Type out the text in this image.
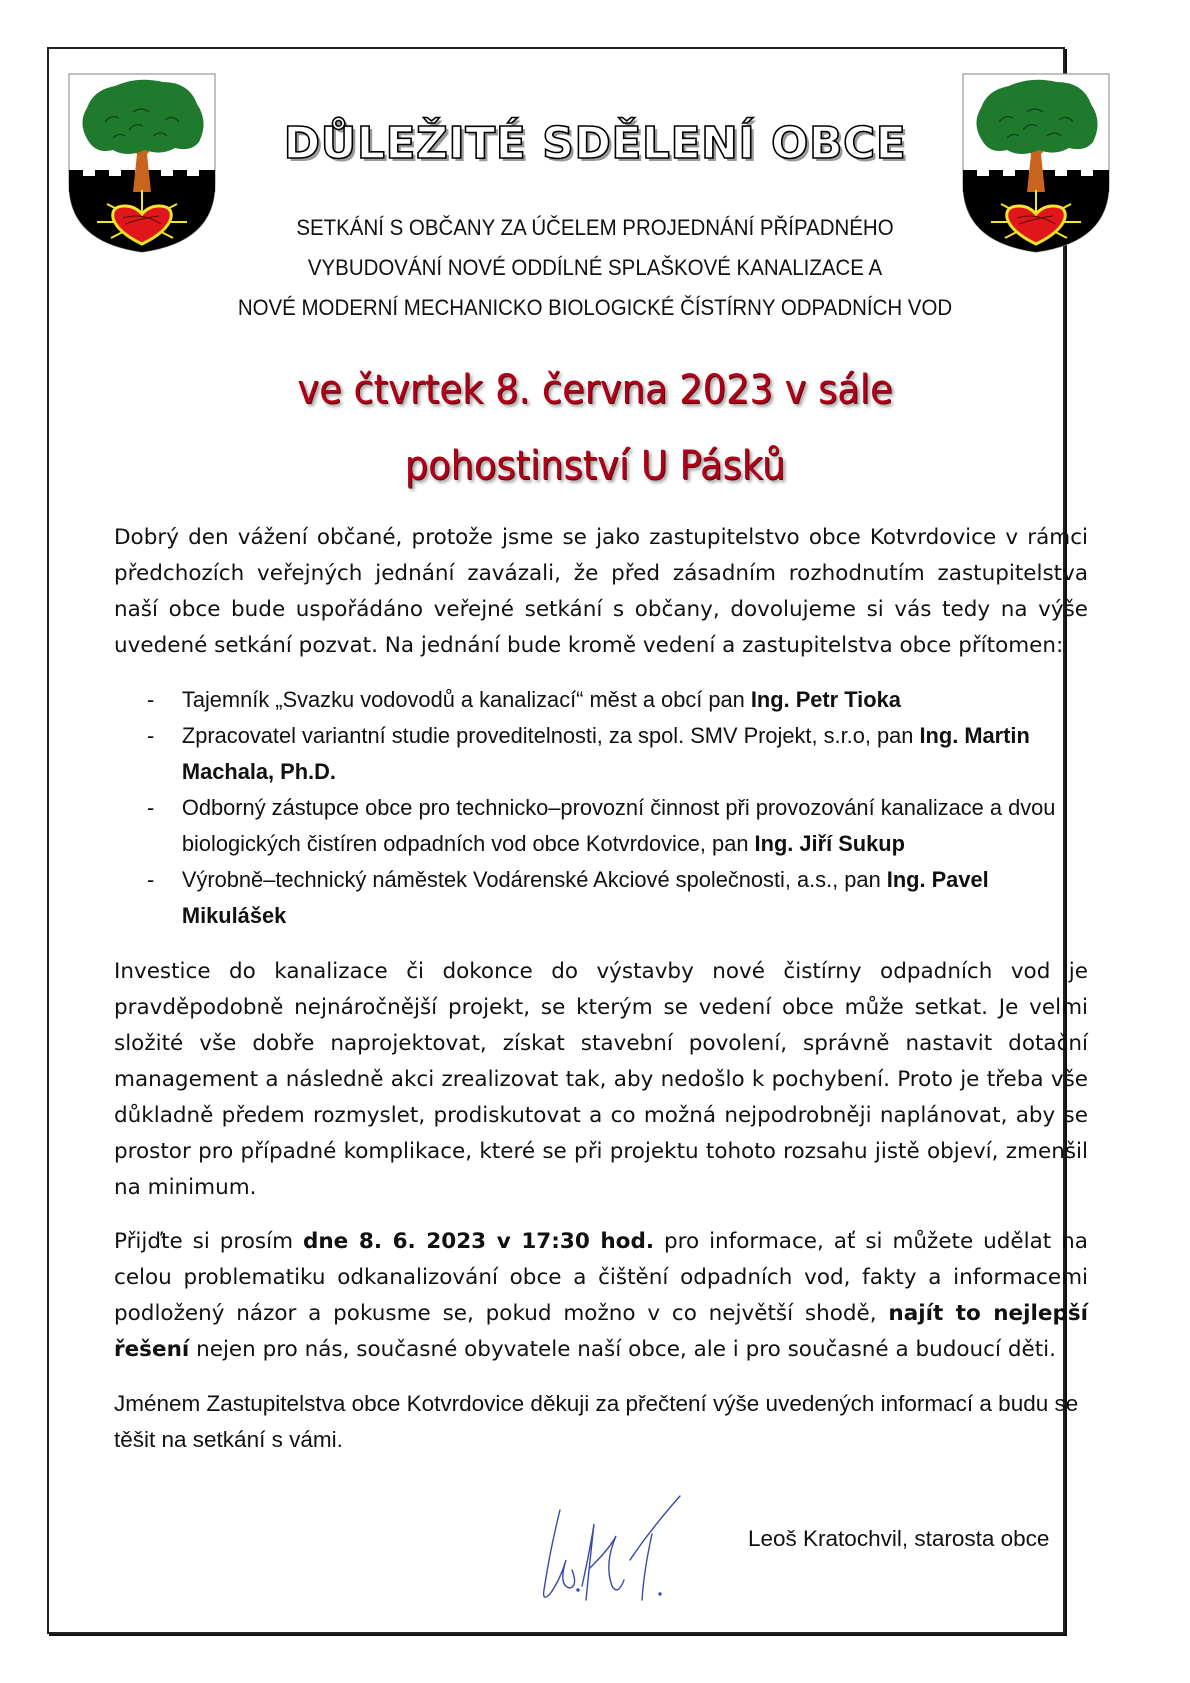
DŮLEŽITÉ SDĚLENÍ OBCE
SETKÁNÍ S OBČANY ZA ÚČELEM PROJEDNÁNÍ PŘÍPADNÉHO
VYBUDOVÁNÍ NOVÉ ODDÍLNÉ SPLAŠKOVÉ KANALIZACE A
NOVÉ MODERNÍ MECHANICKO BIOLOGICKÉ ČÍSTÍRNY ODPADNÍCH VOD
ve čtvrtek 8. června 2023 v sále
pohostinství U Pásků

Dobrý den vážení občané, protože jsme se jako zastupitelstvo obce Kotvrdovice v rámci předchozích veřejných jednání zavázali, že před zásadním rozhodnutím zastupitelstva naší obce bude uspořádáno veřejné setkání s občany, dovolujeme si vás tedy na výše uvedené setkání pozvat. Na jednání bude kromě vedení a zastupitelstva obce přítomen:

- Tajemník „Svazku vodovodů a kanalizací“ měst a obcí pan Ing. Petr Tioka
- Zpracovatel variantní studie proveditelnosti, za spol. SMV Projekt, s.r.o, pan Ing. Martin Machala, Ph.D.
- Odborný zástupce obce pro technicko–provozní činnost při provozování kanalizace a dvou biologických čistíren odpadních vod obce Kotvrdovice, pan Ing. Jiří Sukup
- Výrobně–technický náměstek Vodárenské Akciové společnosti, a.s., pan Ing. Pavel Mikulášek

Investice do kanalizace či dokonce do výstavby nové čistírny odpadních vod je pravděpodobně nejnáročnější projekt, se kterým se vedení obce může setkat. Je velmi složité vše dobře naprojektovat, získat stavební povolení, správně nastavit dotační management a následně akci zrealizovat tak, aby nedošlo k pochybení. Proto je třeba vše důkladně předem rozmyslet, prodiskutovat a co možná nejpodrobněji naplánovat, aby se prostor pro případné komplikace, které se při projektu tohoto rozsahu jistě objeví, zmenšil na minimum.

Přijďte si prosím dne 8. 6. 2023 v 17:30 hod. pro informace, ať si můžete udělat na celou problematiku odkanalizování obce a čištění odpadních vod, fakty a informacemi podložený názor a pokusme se, pokud možno v co největší shodě, najít to nejlepší řešení nejen pro nás, současné obyvatele naší obce, ale i pro současné a budoucí děti.

Jménem Zastupitelstva obce Kotvrdovice děkuji za přečtení výše uvedených informací a budu se těšit na setkání s vámi.

Leoš Kratochvil, starosta obce
